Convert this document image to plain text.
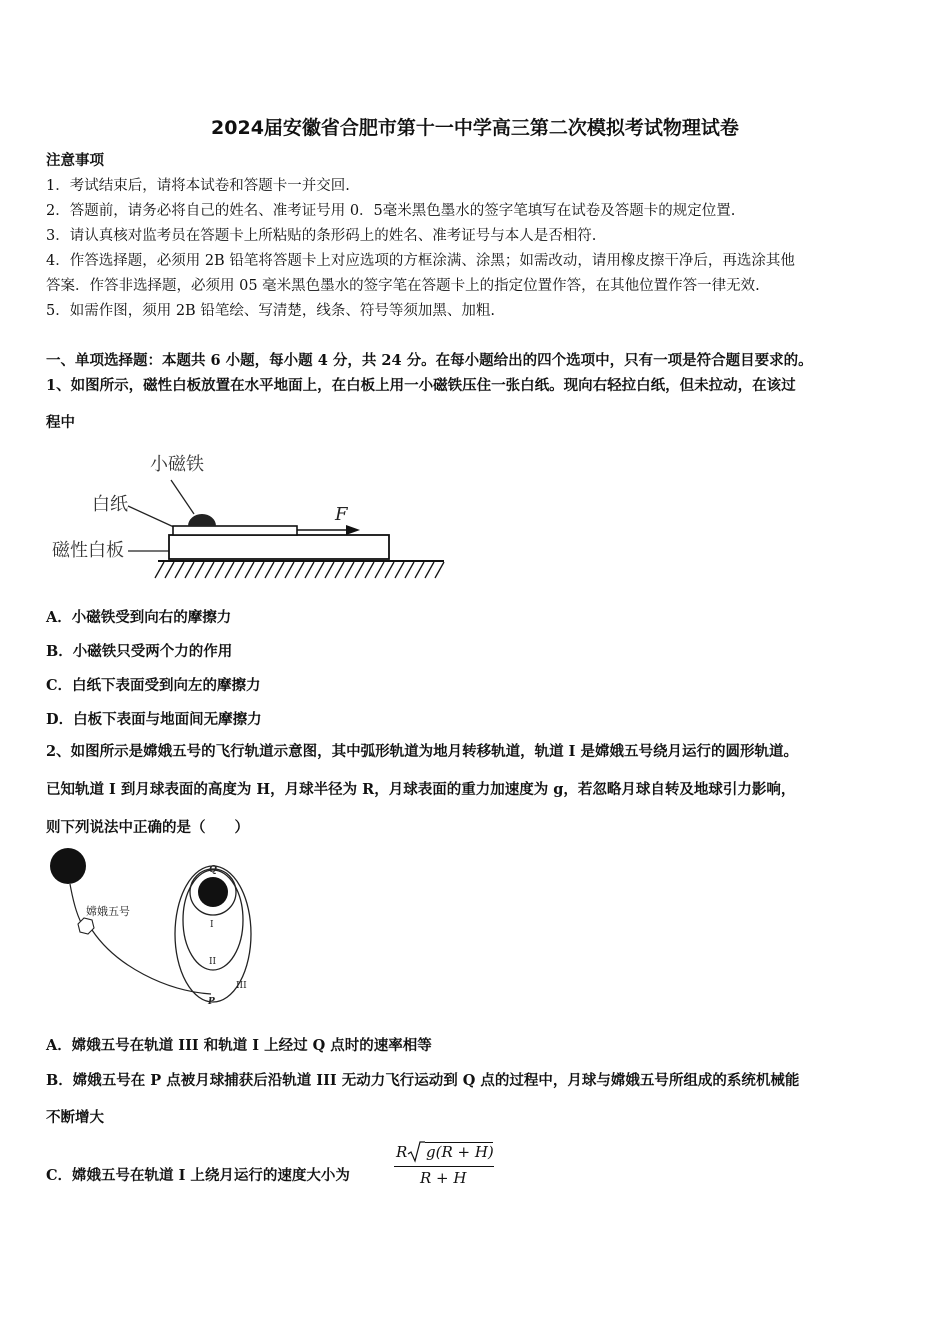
2024届安徽省合肥市第十一中学高三第二次模拟考试物理试卷
注意事项
1．考试结束后，请将本试卷和答题卡一并交回.
2．答题前，请务必将自己的姓名、准考证号用 0．5毫米黑色墨水的签字笔填写在试卷及答题卡的规定位置.
3．请认真核对监考员在答题卡上所粘贴的条形码上的姓名、准考证号与本人是否相符.
4．作答选择题，必须用 2B 铅笔将答题卡上对应选项的方框涂满、涂黑；如需改动，请用橡皮擦干净后，再选涂其他
答案．作答非选择题，必须用 05 毫米黑色墨水的签字笔在答题卡上的指定位置作答，在其他位置作答一律无效.
5．如需作图，须用 2B 铅笔绘、写清楚，线条、符号等须加黑、加粗.
一、单项选择题：本题共 6 小题，每小题 4 分，共 24 分。在每小题给出的四个选项中，只有一项是符合题目要求的。
1、如图所示，磁性白板放置在水平地面上，在白板上用一小磁铁压住一张白纸。现向右轻拉白纸，但未拉动，在该过
程中
小磁铁
白纸
磁性白板
F
A．小磁铁受到向右的摩擦力
B．小磁铁只受两个力的作用
C．白纸下表面受到向左的摩擦力
D．白板下表面与地面间无摩擦力
2、如图所示是嫦娥五号的飞行轨道示意图，其中弧形轨道为地月转移轨道，轨道 I 是嫦娥五号绕月运行的圆形轨道。
已知轨道 I 到月球表面的高度为 H，月球半径为 R，月球表面的重力加速度为 g，若忽略月球自转及地球引力影响，
则下列说法中正确的是（　　）
嫦娥五号
Q
I
II
III
P
A．嫦娥五号在轨道 III 和轨道 I 上经过 Q 点时的速率相等
B．嫦娥五号在 P 点被月球捕获后沿轨道 III 无动力飞行运动到 Q 点的过程中，月球与嫦娥五号所组成的系统机械能
不断增大
C．嫦娥五号在轨道 I 上绕月运行的速度大小为
R g(R + H)
R + H
